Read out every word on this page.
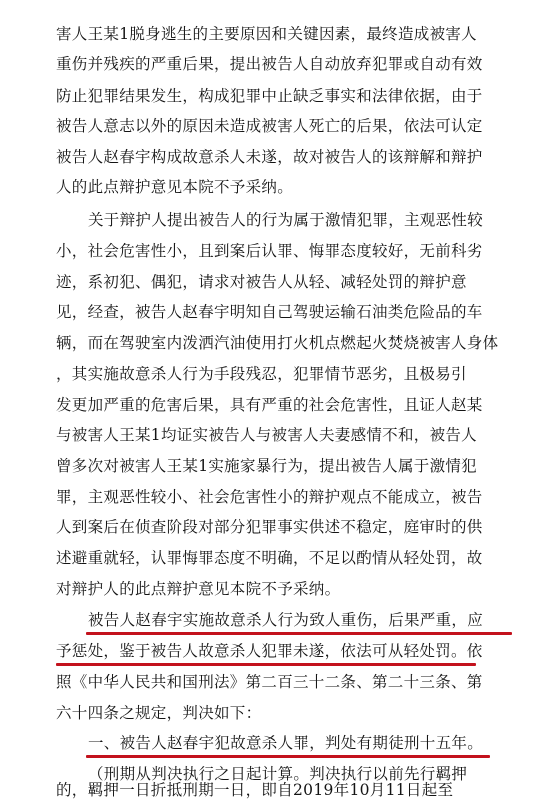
害人王某1脱身逃生的主要原因和关键因素，最终造成被害人
重伤并残疾的严重后果，提出被告人自动放弃犯罪或自动有效
防止犯罪结果发生，构成犯罪中止缺乏事实和法律依据，由于
被告人意志以外的原因未造成被害人死亡的后果，依法可认定
被告人赵春宇构成故意杀人未遂，故对被告人的该辩解和辩护
人的此点辩护意见本院不予采纳。
关于辩护人提出被告人的行为属于激情犯罪，主观恶性较
小，社会危害性小，且到案后认罪、悔罪态度较好，无前科劣
迹，系初犯、偶犯，请求对被告人从轻、减轻处罚的辩护意
见，经查，被告人赵春宇明知自己驾驶运输石油类危险品的车
辆，而在驾驶室内泼洒汽油使用打火机点燃起火焚烧被害人身体
，其实施故意杀人行为手段残忍，犯罪情节恶劣，且极易引
发更加严重的危害后果，具有严重的社会危害性，且证人赵某
与被害人王某1均证实被告人与被害人夫妻感情不和，被告人
曾多次对被害人王某1实施家暴行为，提出被告人属于激情犯
罪，主观恶性较小、社会危害性小的辩护观点不能成立，被告
人到案后在侦查阶段对部分犯罪事实供述不稳定，庭审时的供
述避重就轻，认罪悔罪态度不明确，不足以酌情从轻处罚，故
对辩护人的此点辩护意见本院不予采纳。
被告人赵春宇实施故意杀人行为致人重伤，后果严重，应
予惩处，鉴于被告人故意杀人犯罪未遂，依法可从轻处罚。依
照《中华人民共和国刑法》第二百三十二条、第二十三条、第
六十四条之规定，判决如下：
一、被告人赵春宇犯故意杀人罪，判处有期徒刑十五年。
（刑期从判决执行之日起计算。判决执行以前先行羁押
的，羁押一日折抵刑期一日，即自2019年10月11日起至
